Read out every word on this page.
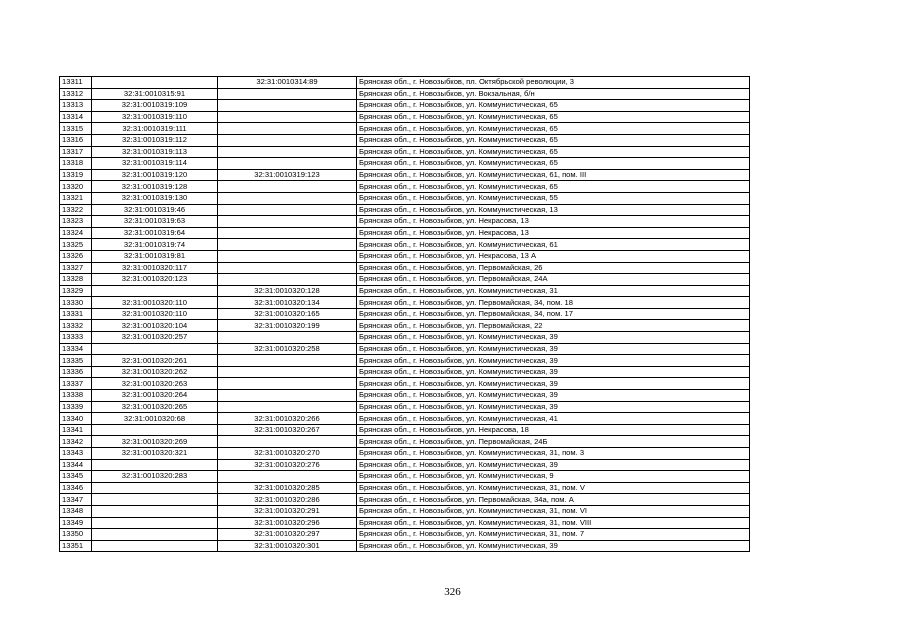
13311		32:31:0010314:89	Брянская обл., г. Новозыбков, пл. Октябрьской революции, 3
13312	32:31:0010315:91		Брянская обл., г. Новозыбков, ул. Вокзальная, б/н
13313	32:31:0010319:109		Брянская обл., г. Новозыбков, ул. Коммунистическая, 65
13314	32:31:0010319:110		Брянская обл., г. Новозыбков, ул. Коммунистическая, 65
13315	32:31:0010319:111		Брянская обл., г. Новозыбков, ул. Коммунистическая, 65
13316	32:31:0010319:112		Брянская обл., г. Новозыбков, ул. Коммунистическая, 65
13317	32:31:0010319:113		Брянская обл., г. Новозыбков, ул. Коммунистическая, 65
13318	32:31:0010319:114		Брянская обл., г. Новозыбков, ул. Коммунистическая, 65
13319	32:31:0010319:120	32:31:0010319:123	Брянская обл., г. Новозыбков, ул. Коммунистическая, 61, пом. III
13320	32:31:0010319:128		Брянская обл., г. Новозыбков, ул. Коммунистическая, 65
13321	32:31:0010319:130		Брянская обл., г. Новозыбков, ул. Коммунистическая, 55
13322	32:31:0010319:46		Брянская обл., г. Новозыбков, ул. Коммунистическая, 13
13323	32:31:0010319:63		Брянская обл., г. Новозыбков, ул. Некрасова, 13
13324	32:31:0010319:64		Брянская обл., г. Новозыбков, ул. Некрасова, 13
13325	32:31:0010319:74		Брянская обл., г. Новозыбков, ул. Коммунистическая, 61
13326	32:31:0010319:81		Брянская обл., г. Новозыбков, ул. Некрасова, 13 А
13327	32:31:0010320:117		Брянская обл., г. Новозыбков, ул. Первомайская, 26
13328	32:31:0010320:123		Брянская обл., г. Новозыбков, ул. Первомайская, 24А
13329		32:31:0010320:128	Брянская обл., г. Новозыбков, ул. Коммунистическая, 31
13330	32:31:0010320:110	32:31:0010320:134	Брянская обл., г. Новозыбков, ул. Первомайская, 34, пом. 18
13331	32:31:0010320:110	32:31:0010320:165	Брянская обл., г. Новозыбков, ул. Первомайская, 34, пом. 17
13332	32:31:0010320:104	32:31:0010320:199	Брянская обл., г. Новозыбков, ул. Первомайская, 22
13333	32:31:0010320:257		Брянская обл., г. Новозыбков, ул. Коммунистическая, 39
13334		32:31:0010320:258	Брянская обл., г. Новозыбков, ул. Коммунистическая, 39
13335	32:31:0010320:261		Брянская обл., г. Новозыбков, ул. Коммунистическая, 39
13336	32:31:0010320:262		Брянская обл., г. Новозыбков, ул. Коммунистическая, 39
13337	32:31:0010320:263		Брянская обл., г. Новозыбков, ул. Коммунистическая, 39
13338	32:31:0010320:264		Брянская обл., г. Новозыбков, ул. Коммунистическая, 39
13339	32:31:0010320:265		Брянская обл., г. Новозыбков, ул. Коммунистическая, 39
13340	32:31:0010320:68	32:31:0010320:266	Брянская обл., г. Новозыбков, ул. Коммунистическая, 41
13341		32:31:0010320:267	Брянская обл., г. Новозыбков, ул. Некрасова, 18
13342	32:31:0010320:269		Брянская обл., г. Новозыбков, ул. Первомайская, 24Б
13343	32:31:0010320:321	32:31:0010320:270	Брянская обл., г. Новозыбков, ул. Коммунистическая, 31, пом. 3
13344		32:31:0010320:276	Брянская обл., г. Новозыбков, ул. Коммунистическая, 39
13345	32:31:0010320:283		Брянская обл., г. Новозыбков, ул. Коммунистическая, 9
13346		32:31:0010320:285	Брянская обл., г. Новозыбков, ул. Коммунистическая, 31, пом. V
13347		32:31:0010320:286	Брянская обл., г. Новозыбков, ул. Первомайская, 34а, пом. А
13348		32:31:0010320:291	Брянская обл., г. Новозыбков, ул. Коммунистическая, 31, пом. VI
13349		32:31:0010320:296	Брянская обл., г. Новозыбков, ул. Коммунистическая, 31, пом. VIII
13350		32:31:0010320:297	Брянская обл., г. Новозыбков, ул. Коммунистическая, 31, пом. 7
13351		32:31:0010320:301	Брянская обл., г. Новозыбков, ул. Коммунистическая, 39
326
